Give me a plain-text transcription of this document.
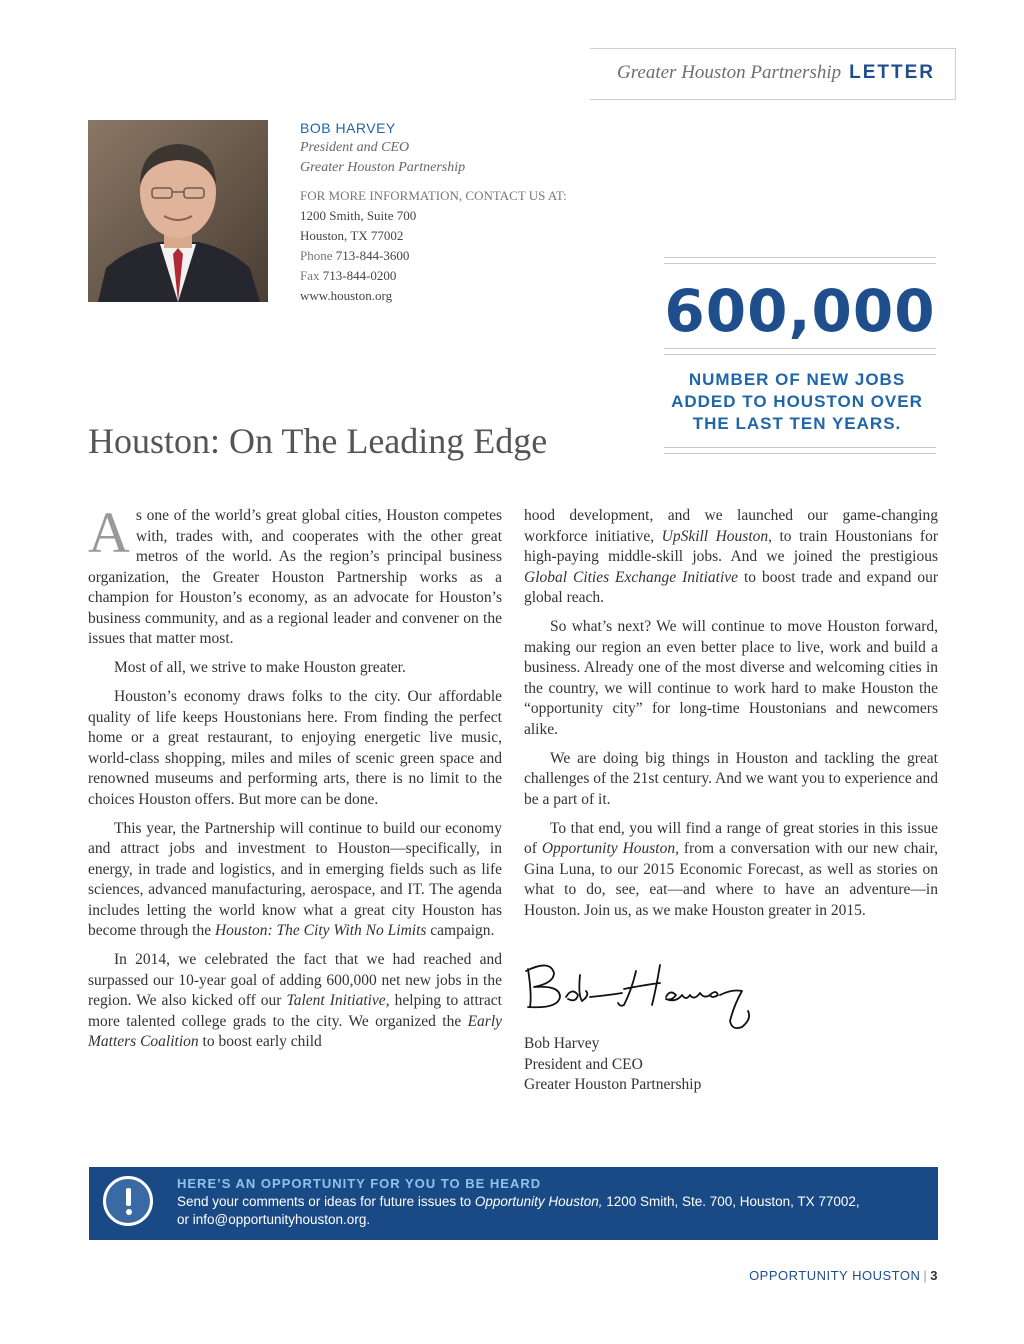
Greater Houston Partnership LETTER
BOB HARVEY
President and CEO
Greater Houston Partnership
FOR MORE INFORMATION, CONTACT US AT:
1200 Smith, Suite 700
Houston, TX 77002
Phone 713-844-3600
Fax 713-844-0200
www.houston.org	600,000
NUMBER OF NEW JOBS
ADDED TO HOUSTON OVER
THE LAST TEN YEARS.
Houston: On The Leading Edge

As one of the world’s great global cities, Houston competes with, trades with, and cooperates with the other great metros of the world. As the region’s principal business organization, the Greater Houston Partnership works as a champion for Houston’s economy, as an advocate for Houston’s business community, and as a regional leader and convener on the issues that matter most.

Most of all, we strive to make Houston greater.

Houston’s economy draws folks to the city. Our affordable quality of life keeps Houstonians here. From finding the perfect home or a great restaurant, to enjoying energetic live music, world-class shopping, miles and miles of scenic green space and renowned museums and performing arts, there is no limit to the choices Houston offers. But more can be done.

This year, the Partnership will continue to build our economy and attract jobs and investment to Houston—specifically, in energy, in trade and logistics, and in emerging fields such as life sciences, advanced manufacturing, aerospace, and IT. The agenda includes letting the world know what a great city Houston has become through the Houston: The City With No Limits campaign.

In 2014, we celebrated the fact that we had reached and surpassed our 10-year goal of adding 600,000 net new jobs in the region. We also kicked off our Talent Initiative, helping to attract more talented college grads to the city. We organized the Early Matters Coalition to boost early child

hood development, and we launched our game-changing workforce initiative, UpSkill Houston, to train Houstonians for high-paying middle-skill jobs. And we joined the prestigious Global Cities Exchange Initiative to boost trade and expand our global reach.

So what’s next? We will continue to move Houston forward, making our region an even better place to live, work and build a business. Already one of the most diverse and welcoming cities in the country, we will continue to work hard to make Houston the “opportunity city” for long-time Houstonians and newcomers alike.

We are doing big things in Houston and tackling the great challenges of the 21st century. And we want you to experience and be a part of it.

To that end, you will find a range of great stories in this issue of Opportunity Houston, from a conversation with our new chair, Gina Luna, to our 2015 Economic Forecast, as well as stories on what to do, see, eat—and where to have an adventure—in Houston. Join us, as we make Houston greater in 2015.

Bob Harvey
President and CEO
Greater Houston Partnership
HERE’S AN OPPORTUNITY FOR YOU TO BE HEARD
Send your comments or ideas for future issues to Opportunity Houston, 1200 Smith, Ste. 700, Houston, TX 77002,
or info@opportunityhouston.org.
OPPORTUNITY HOUSTON | 3
